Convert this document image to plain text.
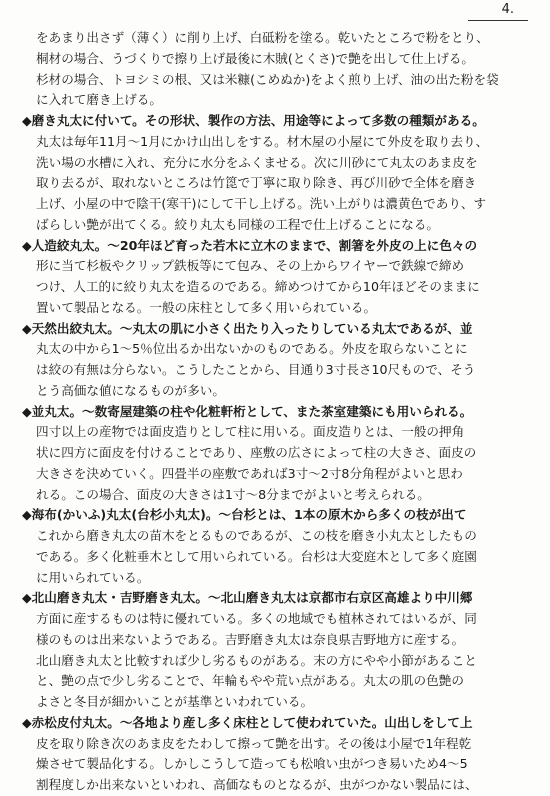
4.
をあまり出さず（薄く）に削り上げ、白砥粉を塗る。乾いたところで粉をとり、
桐材の場合、うづくりで擦り上げ最後に木賊(とくさ)で艶を出して仕上げる。
杉材の場合、トヨシミの根、又は米糠(こめぬか)をよく煎り上げ、油の出た粉を袋
に入れて磨き上げる。
◆磨き丸太に付いて。その形状、製作の方法、用途等によって多数の種類がある。
丸太は毎年11月～1月にかけ山出しをする。材木屋の小屋にて外皮を取り去り、
洗い場の水槽に入れ、充分に水分をふくませる。次に川砂にて丸太のあま皮を
取り去るが、取れないところは竹箆で丁寧に取り除き、再び川砂で全体を磨き
上げ、小屋の中で陰干(寒干)にして干し上げる。洗い上がりは濃黄色であり、す
ばらしい艶が出てくる。絞り丸太も同様の工程で仕上げることになる。
◆人造絞丸太。～20年ほど育った若木に立木のままで、割箸を外皮の上に色々の
形に当て杉板やクリップ鉄板等にて包み、その上からワイヤーで鉄線で締め
つけ、人工的に絞り丸太を造るのである。締めつけてから10年ほどそのままに
置いて製品となる。一般の床柱として多く用いられている。
◆天然出絞丸太。～丸太の肌に小さく出たり入ったりしている丸太であるが、並
丸太の中から1～5％位出るか出ないかのものである。外皮を取らないことに
は絞の有無は分らない。こうしたことから、目通り3寸長さ10尺もので、そう
とう高価な値になるものが多い。
◆並丸太。～数寄屋建築の柱や化粧軒桁として、また茶室建築にも用いられる。
四寸以上の産物では面皮造りとして柱に用いる。面皮造りとは、一般の押角
状に四方に面皮を付けることであり、座敷の広さによって柱の大きさ、面皮の
大きさを決めていく。四畳半の座敷であれば3寸～2寸8分角程がよいと思わ
れる。この場合、面皮の大きさは1寸～8分までがよいと考えられる。
◆海布(かいふ)丸太(台杉小丸太)。～台杉とは、1本の原木から多くの枝が出て
これから磨き丸太の苗木をとるものであるが、この枝を磨き小丸太としたもの
である。多く化粧垂木として用いられている。台杉は大変庭木として多く庭園
に用いられている。
◆北山磨き丸太・吉野磨き丸太。～北山磨き丸太は京都市右京区高雄より中川郷
方面に産するものは特に優れている。多くの地域でも植林されてはいるが、同
様のものは出来ないようである。吉野磨き丸太は奈良県吉野地方に産する。
北山磨き丸太と比較すれば少し劣るものがある。末の方にやや小節があること
と、艶の点で少し劣ることで、年輪もやや荒い点がある。丸太の肌の色艶の
よさと冬目が細かいことが基準といわれている。
◆赤松皮付丸太。～各地より産し多く床柱として使われていた。山出しをして上
皮を取り除き次のあま皮をたわして擦って艶を出す。その後は小屋で1年程乾
燥させて製品化する。しかしこうして造っても松喰い虫がつき易いため4～5
割程度しか出来ないといわれ、高価なものとなるが、虫がつかない製品には、
